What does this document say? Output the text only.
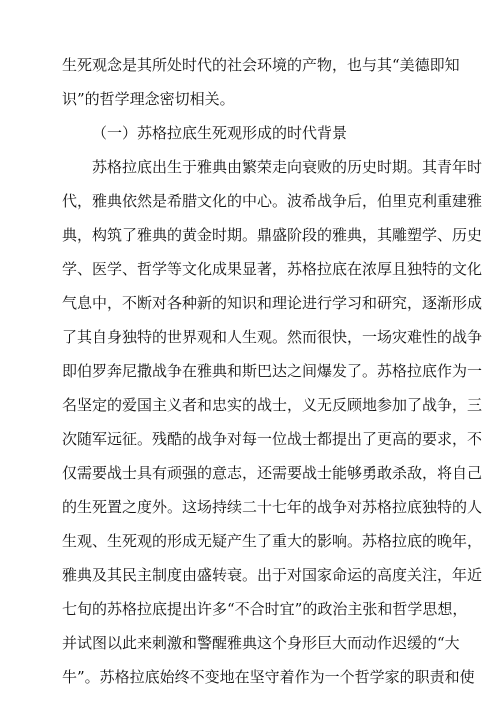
生死观念是其所处时代的社会环境的产物，也与其“美德即知
识”的哲学理念密切相关。
（一）苏格拉底生死观形成的时代背景
苏格拉底出生于雅典由繁荣走向衰败的历史时期。其青年时
代，雅典依然是希腊文化的中心。波希战争后，伯里克利重建雅
典，构筑了雅典的黄金时期。鼎盛阶段的雅典，其雕塑学、历史
学、医学、哲学等文化成果显著，苏格拉底在浓厚且独特的文化
气息中，不断对各种新的知识和理论进行学习和研究，逐渐形成
了其自身独特的世界观和人生观。然而很快，一场灾难性的战争
即伯罗奔尼撒战争在雅典和斯巴达之间爆发了。苏格拉底作为一
名坚定的爱国主义者和忠实的战士，义无反顾地参加了战争，三
次随军远征。残酷的战争对每一位战士都提出了更高的要求，不
仅需要战士具有顽强的意志，还需要战士能够勇敢杀敌，将自己
的生死置之度外。这场持续二十七年的战争对苏格拉底独特的人
生观、生死观的形成无疑产生了重大的影响。苏格拉底的晚年，
雅典及其民主制度由盛转衰。出于对国家命运的高度关注，年近
七旬的苏格拉底提出许多“不合时宜”的政治主张和哲学思想，
并试图以此来刺激和警醒雅典这个身形巨大而动作迟缓的“大
牛”。苏格拉底始终不变地在坚守着作为一个哲学家的职责和使
